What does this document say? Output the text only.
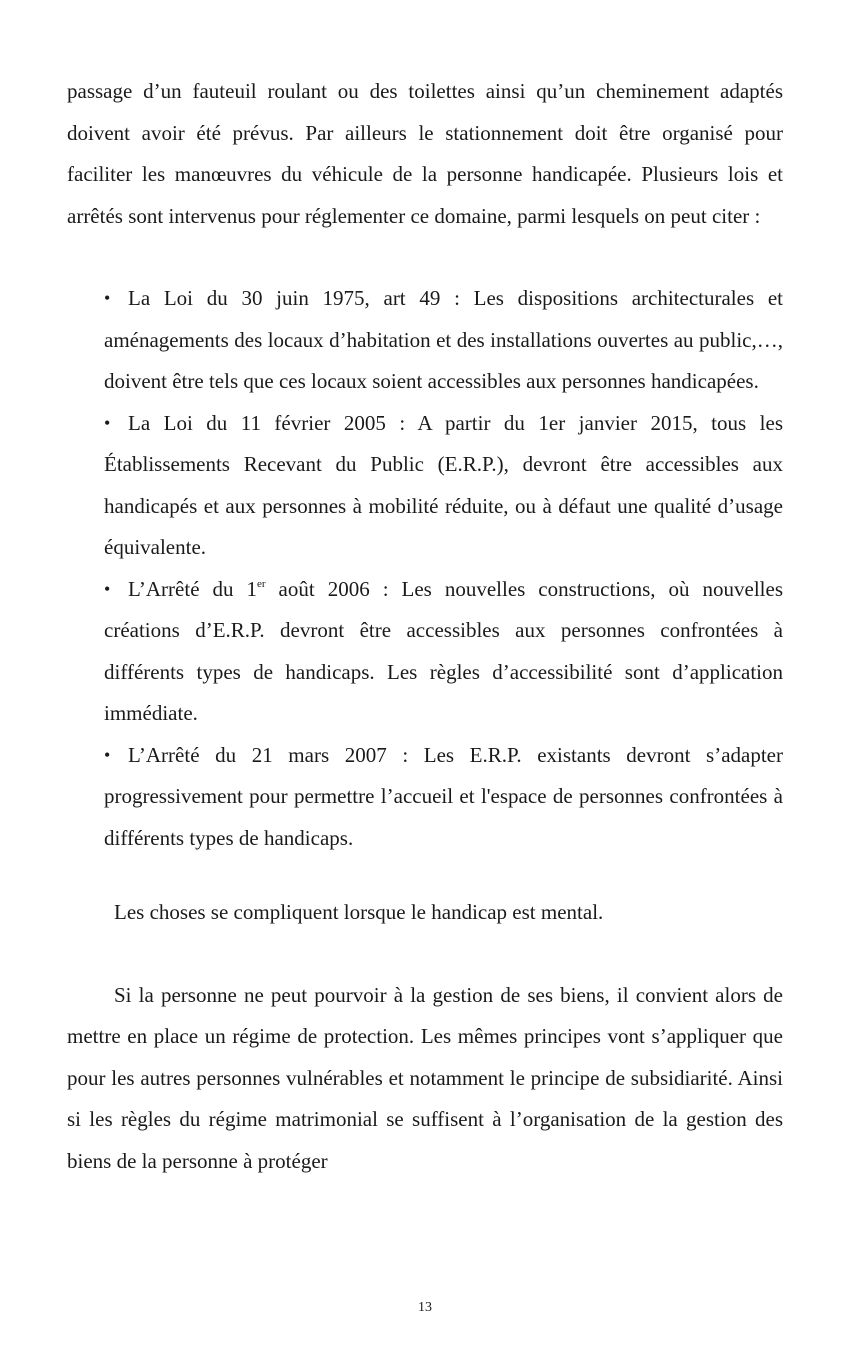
passage d’un fauteuil roulant ou des toilettes ainsi qu’un cheminement adaptés doivent avoir été prévus. Par ailleurs le stationnement doit être organisé pour faciliter les manœuvres du véhicule de la personne handicapée. Plusieurs lois et arrêtés sont intervenus pour réglementer ce domaine, parmi lesquels on peut citer :

• La Loi du 30 juin 1975, art 49 : Les dispositions architecturales et aménagements des locaux d’habitation et des installations ouvertes au public,…, doivent être tels que ces locaux soient accessibles aux personnes handicapées.
• La Loi du 11 février 2005 : A partir du 1er janvier 2015, tous les Établissements Recevant du Public (E.R.P.), devront être accessibles aux handicapés et aux personnes à mobilité réduite, ou à défaut une qualité d’usage équivalente.
• L’Arrêté du 1er août 2006 : Les nouvelles constructions, où nouvelles créations d’E.R.P. devront être accessibles aux personnes confrontées à différents types de handicaps. Les règles d’accessibilité sont d’application immédiate.
• L’Arrêté du 21 mars 2007 : Les E.R.P. existants devront s’adapter progressivement pour permettre l’accueil et l'espace de personnes confrontées à différents types de handicaps.

Les choses se compliquent lorsque le handicap est mental.

Si la personne ne peut pourvoir à la gestion de ses biens, il convient alors de mettre en place un régime de protection. Les mêmes principes vont s’appliquer que pour les autres personnes vulnérables et notamment le principe de subsidiarité. Ainsi si les règles du régime matrimonial se suffisent à l’organisation de la gestion des biens de la personne à protéger

13
